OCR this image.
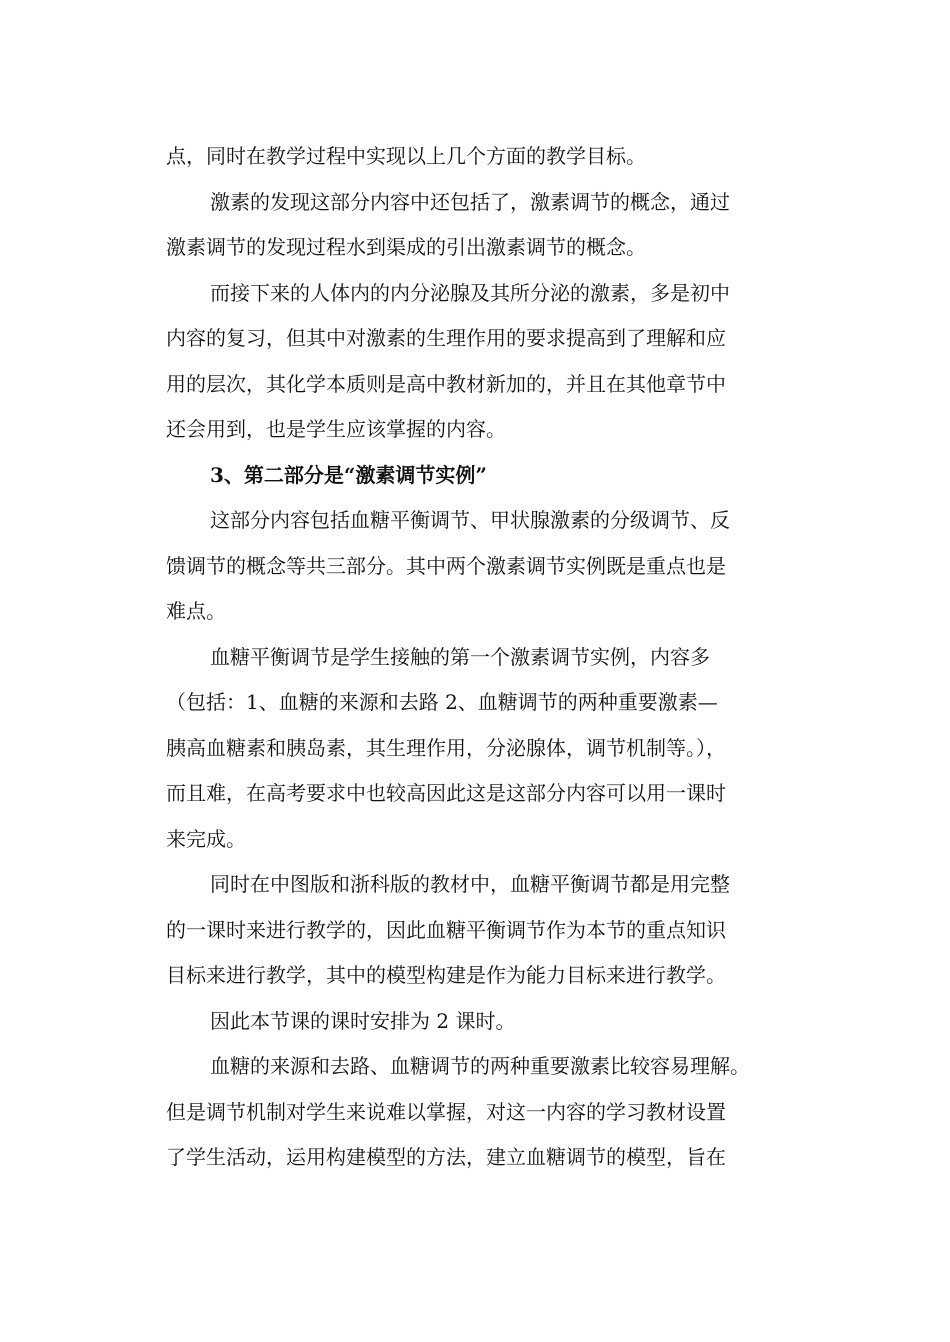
点，同时在教学过程中实现以上几个方面的教学目标。
激素的发现这部分内容中还包括了，激素调节的概念，通过
激素调节的发现过程水到渠成的引出激素调节的概念。
而接下来的人体内的内分泌腺及其所分泌的激素，多是初中
内容的复习，但其中对激素的生理作用的要求提高到了理解和应
用的层次，其化学本质则是高中教材新加的，并且在其他章节中
还会用到，也是学生应该掌握的内容。
3、第二部分是“激素调节实例”
这部分内容包括血糖平衡调节、甲状腺激素的分级调节、反
馈调节的概念等共三部分。其中两个激素调节实例既是重点也是
难点。
血糖平衡调节是学生接触的第一个激素调节实例，内容多
（包括：1、血糖的来源和去路 2、血糖调节的两种重要激素—
胰高血糖素和胰岛素，其生理作用，分泌腺体，调节机制等。），
而且难，在高考要求中也较高因此这是这部分内容可以用一课时
来完成。
同时在中图版和浙科版的教材中，血糖平衡调节都是用完整
的一课时来进行教学的，因此血糖平衡调节作为本节的重点知识
目标来进行教学，其中的模型构建是作为能力目标来进行教学。
因此本节课的课时安排为 2 课时。
血糖的来源和去路、血糖调节的两种重要激素比较容易理解。
但是调节机制对学生来说难以掌握，对这一内容的学习教材设置
了学生活动，运用构建模型的方法，建立血糖调节的模型，旨在
